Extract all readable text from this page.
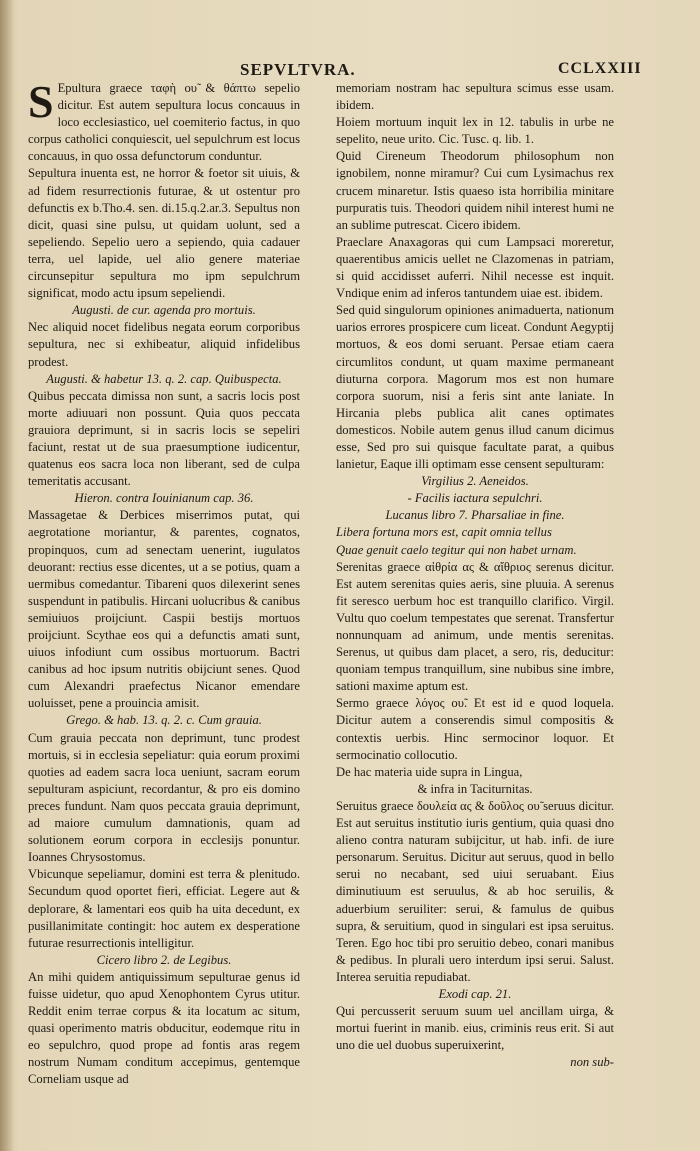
SEPVLTVRA.	CCLXXIII

S Epultura graece ταφὴ ου̃ & θάπτω sepelio dicitur. Est autem sepultura locus concauus in loco ecclesiastico, uel coemiterio factus, in quo corpus catholici conquiescit, uel sepulchrum est locus concauus, in quo ossa defunctorum conduntur.

Sepultura inuenta est, ne horror & foetor sit uiuis, & ad fidem resurrectionis futurae, & ut ostentur pro defunctis ex b.Tho.4. sen. di.15.q.2.ar.3. Sepultus non dicit, quasi sine pulsu, ut quidam uolunt, sed a sepeliendo. Sepelio uero a sepiendo, quia cadauer terra, uel lapide, uel alio genere materiae circunsepitur sepultura mo ipm sepulchrum significat, modo actu ipsum sepeliendi.

Augusti. de cur. agenda pro mortuis.

Nec aliquid nocet fidelibus negata eorum corporibus sepultura, nec si exhibeatur, aliquid infidelibus prodest.

Augusti. & habetur 13. q. 2. cap. Quibuspecta.

Quibus peccata dimissa non sunt, a sacris locis post morte adiuuari non possunt. Quia quos peccata grauiora deprimunt, si in sacris locis se sepeliri faciunt, restat ut de sua praesumptione iudicentur, quatenus eos sacra loca non liberant, sed de culpa temeritatis accusant.

Hieron. contra Iouinianum cap. 36.

Massagetae & Derbices miserrimos putat, qui aegrotatione moriantur, & parentes, cognatos, propinquos, cum ad senectam uenerint, iugulatos deuorant: rectius esse dicentes, ut a se potius, quam a uermibus comedantur. Tibareni quos dilexerint senes suspendunt in patibulis. Hircani uolucribus & canibus semiuiuos proijciunt. Caspii bestijs mortuos proijciunt. Scythae eos qui a defunctis amati sunt, uiuos infodiunt cum ossibus mortuorum. Bactri canibus ad hoc ipsum nutritis obijciunt senes. Quod cum Alexandri praefectus Nicanor emendare uoluisset, pene a prouincia amisit.

Grego. & hab. 13. q. 2. c. Cum grauia.

Cum grauia peccata non deprimunt, tunc prodest mortuis, si in ecclesia sepeliatur: quia eorum proximi quoties ad eadem sacra loca ueniunt, sacram eorum sepulturam aspiciunt, recordantur, & pro eis domino preces fundunt. Nam quos peccata grauia deprimunt, ad maiore cumulum damnationis, quam ad solutionem eorum corpora in ecclesijs ponuntur. Ioannes Chrysostomus.

Vbicunque sepeliamur, domini est terra & plenitudo. Secundum quod oportet fieri, efficiat. Legere aut & deplorare, & lamentari eos quib ha uita decedunt, ex pusillanimitate contingit: hoc autem ex desperatione futurae resurrectionis intelligitur.

Cicero libro 2. de Legibus.

An mihi quidem antiquissimum sepulturae genus id fuisse uidetur, quo apud Xenophontem Cyrus utitur. Reddit enim terrae corpus & ita locatum ac situm, quasi operimento matris obducitur, eodemque ritu in eo sepulchro, quod prope ad fontis aras regem nostrum Numam conditum accepimus, gentemque Corneliam usque ad

memoriam nostram hac sepultura scimus esse usam. ibidem.

Hoiem mortuum inquit lex in 12. tabulis in urbe ne sepelito, neue urito. Cic. Tusc. q. lib. 1.

Quid Cireneum Theodorum philosophum non ignobilem, nonne miramur? Cui cum Lysimachus rex crucem minaretur. Istis quaeso ista horribilia minitare purpuratis tuis. Theodori quidem nihil interest humi ne an sublime putrescat. Cicero ibidem.

Praeclare Anaxagoras qui cum Lampsaci moreretur, quaerentibus amicis uellet ne Clazomenas in patriam, si quid accidisset auferri. Nihil necesse est inquit. Vndique enim ad inferos tantundem uiae est. ibidem.

Sed quid singulorum opiniones animaduerta, nationum uarios errores prospicere cum liceat. Condunt Aegyptij mortuos, & eos domi seruant. Persae etiam caera circumlitos condunt, ut quam maxime permaneant diuturna corpora. Magorum mos est non humare corpora suorum, nisi a feris sint ante laniate. In Hircania plebs publica alit canes optimates domesticos. Nobile autem genus illud canum dicimus esse, Sed pro sui quisque facultate parat, a quibus lanietur, Eaque illi optimam esse censent sepulturam:

Virgilius 2. Aeneidos.

- Facilis iactura sepulchri.

Lucanus libro 7. Pharsaliae in fine.

Libera fortuna mors est, capit omnia tellus

Quae genuit caelo tegitur qui non habet urnam.

Serenitas graece αἰθρία ας & αἴθριος serenus dicitur. Est autem serenitas quies aeris, sine pluuia. A serenus fit seresco uerbum hoc est tranquillo clarifico. Virgil. Vultu quo coelum tempestates que serenat. Transfertur nonnunquam ad animum, unde mentis serenitas. Serenus, ut quibus dam placet, a sero, ris, deducitur: quoniam tempus tranquillum, sine nubibus sine imbre, sationi maxime aptum est.

Sermo graece λόγος ου̃. Et est id e quod loquela. Dicitur autem a conserendis simul compositis & contextis uerbis. Hinc sermocinor loquor. Et sermocinatio collocutio.

De hac materia uide supra in Lingua,

& infra in Taciturnitas.

Seruitus graece δουλεία ας & δοῦλος ου̃ seruus dicitur. Est aut seruitus institutio iuris gentium, quia quasi dno alieno contra naturam subijcitur, ut hab. infi. de iure personarum. Seruitus. Dicitur aut seruus, quod in bello serui no necabant, sed uiui seruabant. Eius diminutiuum est seruulus, & ab hoc seruilis, & aduerbium seruiliter: serui, & famulus de quibus supra, & seruitium, quod in singulari est ipsa seruitus. Teren. Ego hoc tibi pro seruitio debeo, conari manibus & pedibus. In plurali uero interdum ipsi serui. Salust. Interea seruitia repudiabat.

Exodi cap. 21.

Qui percusserit seruum suum uel ancillam uirga, & mortui fuerint in manib. eius, criminis reus erit. Si aut uno die uel duobus superuixerint,

non sub-
